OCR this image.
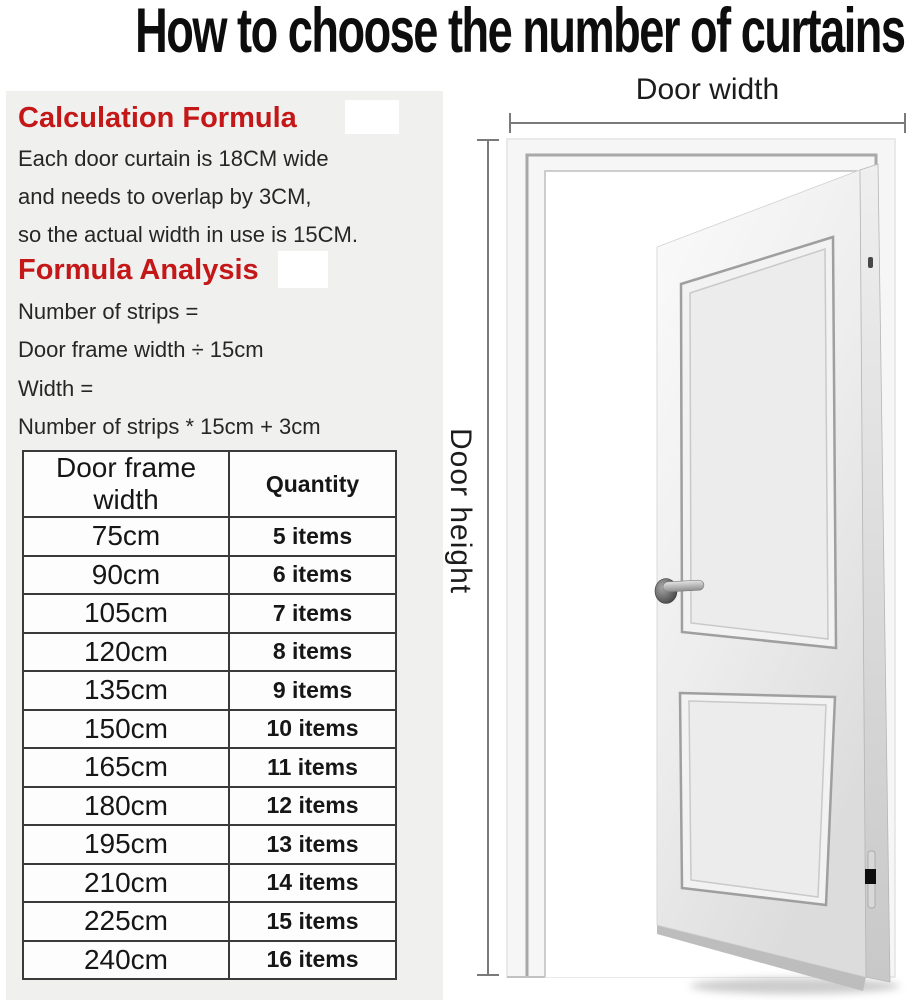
How to choose the number of curtains
Calculation Formula
Each door curtain is 18CM wide
and needs to overlap by 3CM,
so the actual width in use is 15CM.
Formula Analysis
Number of strips =
Door frame width ÷ 15cm
Width =
Number of strips * 15cm + 3cm
Door frame width	Quantity
75cm	5 items
90cm	6 items
105cm	7 items
120cm	8 items
135cm	9 items
150cm	10 items
165cm	11 items
180cm	12 items
195cm	13 items
210cm	14 items
225cm	15 items
240cm	16 items
Door width
Door height
